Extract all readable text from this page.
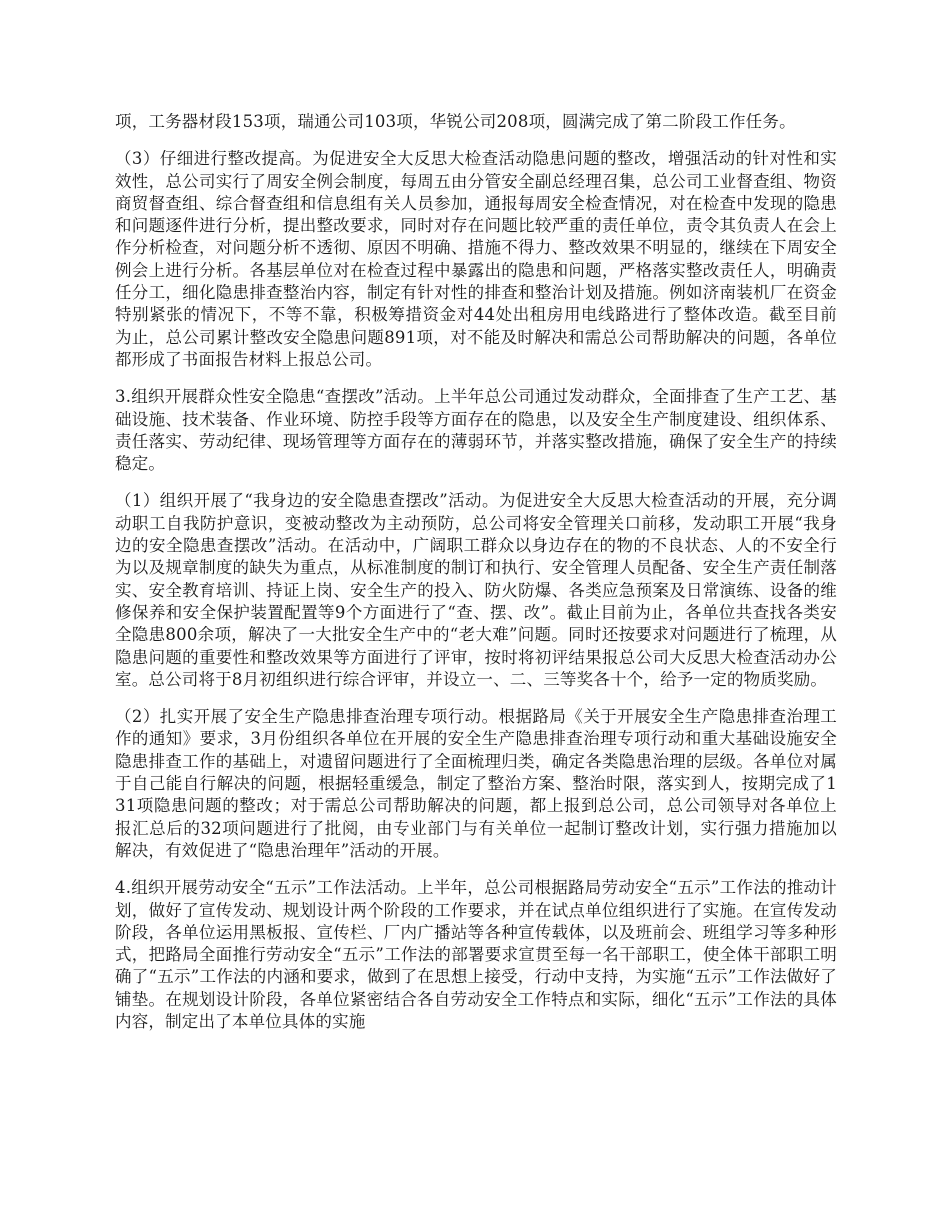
项，工务器材段153项，瑞通公司103项，华锐公司208项，圆满完成了第二阶段工作任务。

（3）仔细进行整改提高。为促进安全大反思大检查活动隐患问题的整改，增强活动的针对性和实效性，总公司实行了周安全例会制度，每周五由分管安全副总经理召集，总公司工业督查组、物资商贸督查组、综合督查组和信息组有关人员参加，通报每周安全检查情况，对在检查中发现的隐患和问题逐件进行分析，提出整改要求，同时对存在问题比较严重的责任单位，责令其负责人在会上作分析检查，对问题分析不透彻、原因不明确、措施不得力、整改效果不明显的，继续在下周安全例会上进行分析。各基层单位对在检查过程中暴露出的隐患和问题，严格落实整改责任人，明确责任分工，细化隐患排查整治内容，制定有针对性的排查和整治计划及措施。例如济南装机厂在资金特别紧张的情况下，不等不靠，积极筹措资金对44处出租房用电线路进行了整体改造。截至目前为止，总公司累计整改安全隐患问题891项，对不能及时解决和需总公司帮助解决的问题，各单位都形成了书面报告材料上报总公司。

3.组织开展群众性安全隐患“查摆改”活动。上半年总公司通过发动群众，全面排查了生产工艺、基础设施、技术装备、作业环境、防控手段等方面存在的隐患，以及安全生产制度建设、组织体系、责任落实、劳动纪律、现场管理等方面存在的薄弱环节，并落实整改措施，确保了安全生产的持续稳定。

（1）组织开展了“我身边的安全隐患查摆改”活动。为促进安全大反思大检查活动的开展，充分调动职工自我防护意识，变被动整改为主动预防，总公司将安全管理关口前移，发动职工开展“我身边的安全隐患查摆改”活动。在活动中，广阔职工群众以身边存在的物的不良状态、人的不安全行为以及规章制度的缺失为重点，从标准制度的制订和执行、安全管理人员配备、安全生产责任制落实、安全教育培训、持证上岗、安全生产的投入、防火防爆、各类应急预案及日常演练、设备的维修保养和安全保护装置配置等9个方面进行了“查、摆、改”。截止目前为止，各单位共查找各类安全隐患800余项，解决了一大批安全生产中的“老大难”问题。同时还按要求对问题进行了梳理，从隐患问题的重要性和整改效果等方面进行了评审，按时将初评结果报总公司大反思大检查活动办公室。总公司将于8月初组织进行综合评审，并设立一、二、三等奖各十个，给予一定的物质奖励。

（2）扎实开展了安全生产隐患排查治理专项行动。根据路局《关于开展安全生产隐患排查治理工作的通知》要求，3月份组织各单位在开展的安全生产隐患排查治理专项行动和重大基础设施安全隐患排查工作的基础上，对遗留问题进行了全面梳理归类，确定各类隐患治理的层级。各单位对属于自己能自行解决的问题，根据轻重缓急，制定了整治方案、整治时限，落实到人，按期完成了131项隐患问题的整改；对于需总公司帮助解决的问题，都上报到总公司，总公司领导对各单位上报汇总后的32项问题进行了批阅，由专业部门与有关单位一起制订整改计划，实行强力措施加以解决，有效促进了“隐患治理年”活动的开展。

4.组织开展劳动安全“五示”工作法活动。上半年，总公司根据路局劳动安全“五示”工作法的推动计划，做好了宣传发动、规划设计两个阶段的工作要求，并在试点单位组织进行了实施。在宣传发动阶段，各单位运用黑板报、宣传栏、厂内广播站等各种宣传载体，以及班前会、班组学习等多种形式，把路局全面推行劳动安全“五示”工作法的部署要求宣贯至每一名干部职工，使全体干部职工明确了“五示”工作法的内涵和要求，做到了在思想上接受，行动中支持，为实施“五示”工作法做好了铺垫。在规划设计阶段，各单位紧密结合各自劳动安全工作特点和实际，细化“五示”工作法的具体内容，制定出了本单位具体的实施
